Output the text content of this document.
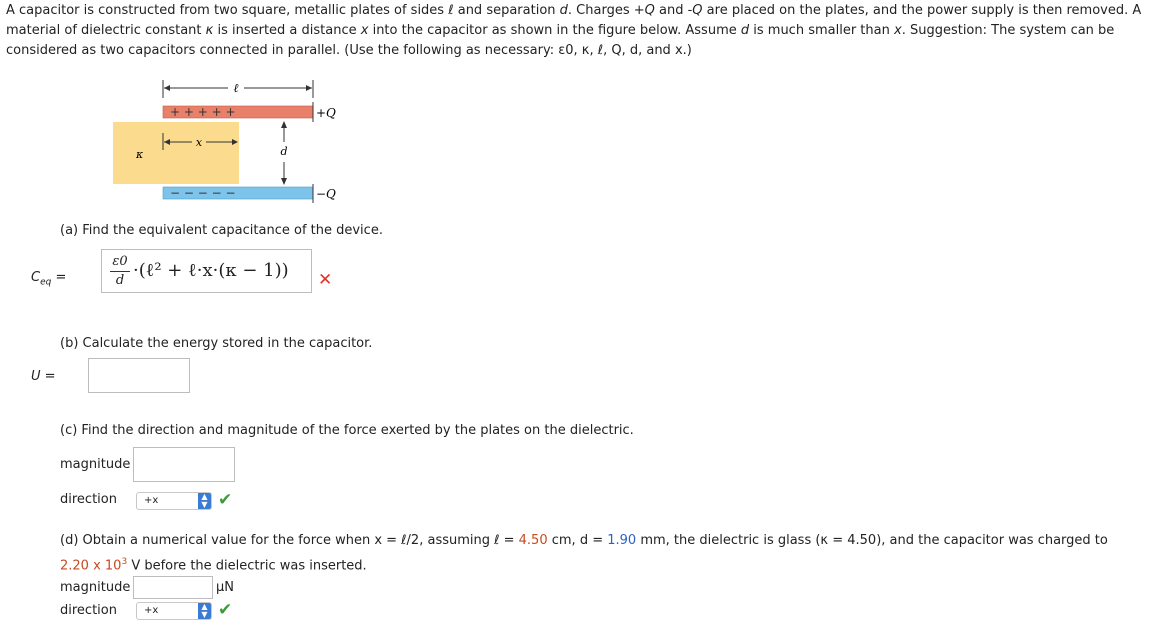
A capacitor is constructed from two square, metallic plates of sides ℓ and separation d. Charges +Q and -Q are placed on the plates, and the power supply is then removed. A material of dielectric constant κ is inserted a distance x into the capacitor as shown in the figure below. Assume d is much smaller than x. Suggestion: The system can be considered as two capacitors connected in parallel. (Use the following as necessary: ε0, κ, ℓ, Q, d, and x.)
ℓ
κ
+ + + + +	+Q
x
d
− − − − −	−Q
(a) Find the equivalent capacitance of the device.
$C_{eq}$ =
ε0
d ·(ℓ² + ℓ·x·(κ − 1)) ✕
(b) Calculate the energy stored in the capacitor.
U =
(c) Find the direction and magnitude of the force exerted by the plates on the dielectric.
magnitude
direction	+x	▲
▼ ✔
(d) Obtain a numerical value for the force when x = ℓ/2, assuming ℓ = 4.50 cm, d = 1.90 mm, the dielectric is glass (κ = 4.50), and the capacitor was charged to
2.20 x $10^3$ V before the dielectric was inserted.
magnitude	µN
direction	+x	▲
▼ ✔
